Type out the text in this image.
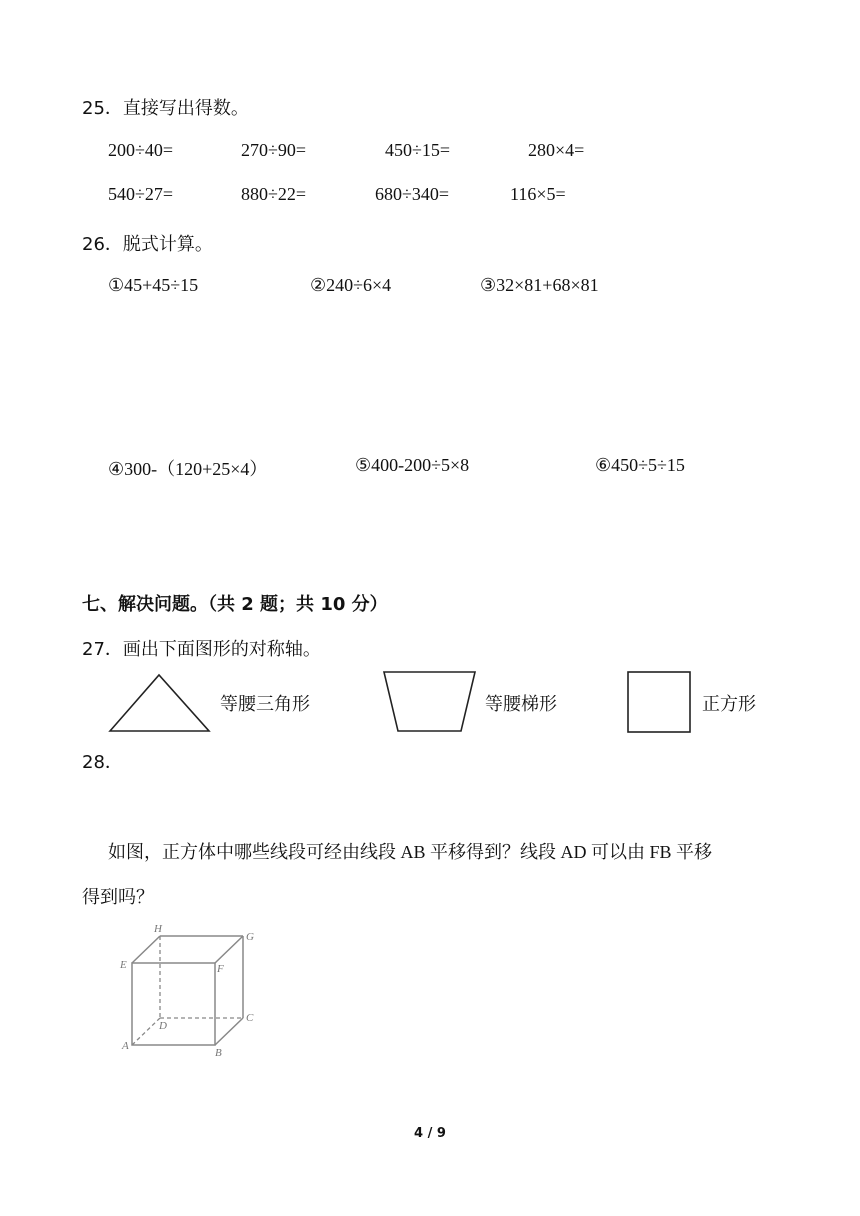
25．直接写出得数。
200÷40=	270÷90=	450÷15=	280×4=
540÷27=	880÷22=	680÷340=	116×5=
26．脱式计算。
①45+45÷15	②240÷6×4	③32×81+68×81
④300-（120+25×4）	⑤400-200÷5×8	⑥450÷5÷15
七、解决问题。（共 2 题；共 10 分）
27．画出下面图形的对称轴。
等腰三角形	等腰梯形	正方形
28．
如图，正方体中哪些线段可经由线段 AB 平移得到？线段 AD 可以由 FB 平移
得到吗？
H
G
E	F
D
C
A
B
4 / 9
